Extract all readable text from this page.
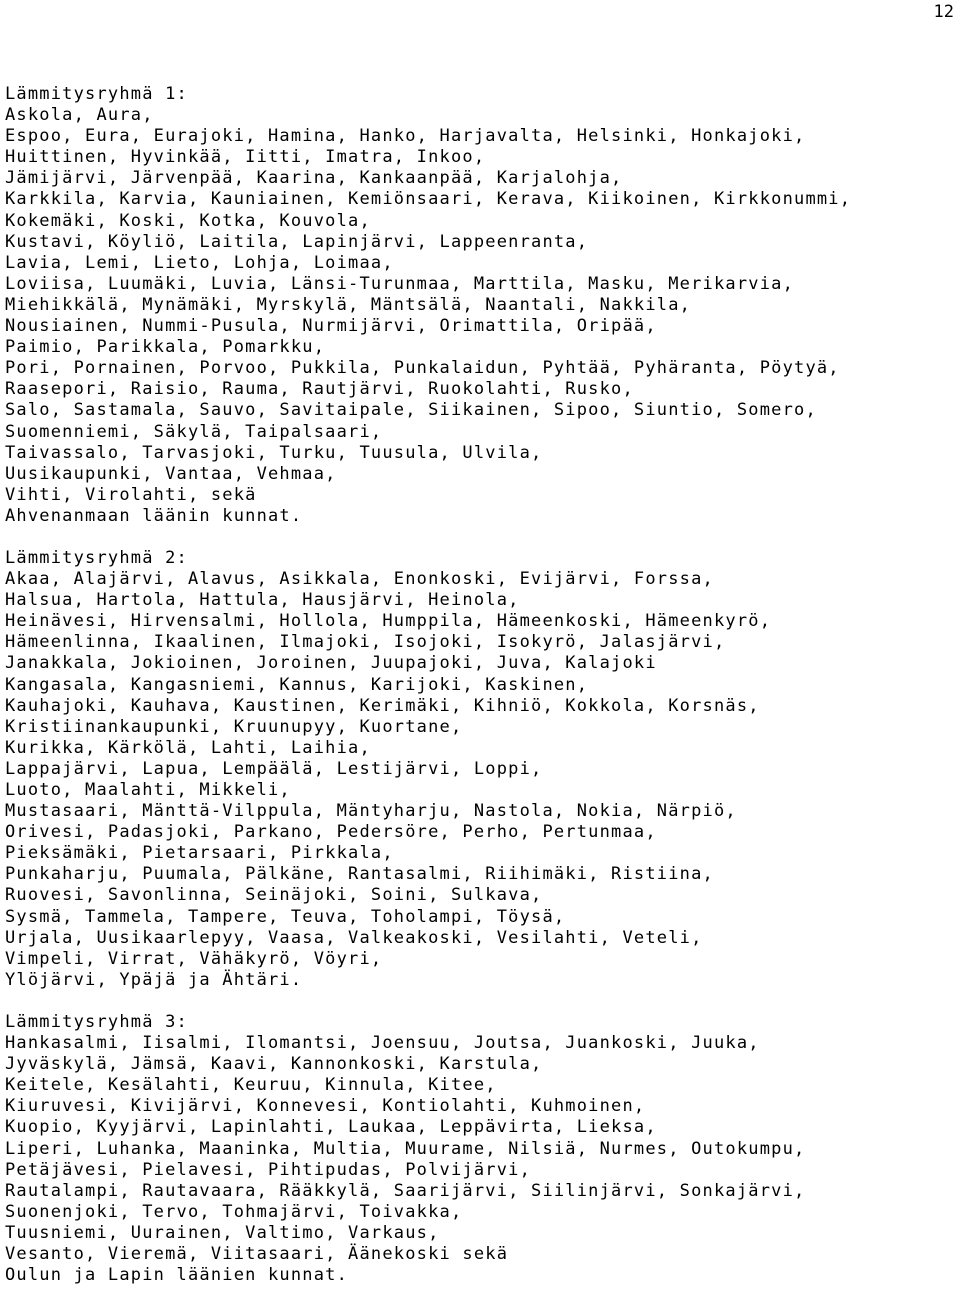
12
Lämmitysryhmä 1:
Askola, Aura,
Espoo, Eura, Eurajoki, Hamina, Hanko, Harjavalta, Helsinki, Honkajoki,
Huittinen, Hyvinkää, Iitti, Imatra, Inkoo,
Jämijärvi, Järvenpää, Kaarina, Kankaanpää, Karjalohja,
Karkkila, Karvia, Kauniainen, Kemiönsaari, Kerava, Kiikoinen, Kirkkonummi,
Kokemäki, Koski, Kotka, Kouvola,
Kustavi, Köyliö, Laitila, Lapinjärvi, Lappeenranta,
Lavia, Lemi, Lieto, Lohja, Loimaa,
Loviisa, Luumäki, Luvia, Länsi-Turunmaa, Marttila, Masku, Merikarvia,
Miehikkälä, Mynämäki, Myrskylä, Mäntsälä, Naantali, Nakkila,
Nousiainen, Nummi-Pusula, Nurmijärvi, Orimattila, Oripää,
Paimio, Parikkala, Pomarkku,
Pori, Pornainen, Porvoo, Pukkila, Punkalaidun, Pyhtää, Pyhäranta, Pöytyä,
Raasepori, Raisio, Rauma, Rautjärvi, Ruokolahti, Rusko,
Salo, Sastamala, Sauvo, Savitaipale, Siikainen, Sipoo, Siuntio, Somero,
Suomenniemi, Säkylä, Taipalsaari,
Taivassalo, Tarvasjoki, Turku, Tuusula, Ulvila,
Uusikaupunki, Vantaa, Vehmaa,
Vihti, Virolahti, sekä
Ahvenanmaan läänin kunnat.
Lämmitysryhmä 2:
Akaa, Alajärvi, Alavus, Asikkala, Enonkoski, Evijärvi, Forssa,
Halsua, Hartola, Hattula, Hausjärvi, Heinola,
Heinävesi, Hirvensalmi, Hollola, Humppila, Hämeenkoski, Hämeenkyrö,
Hämeenlinna, Ikaalinen, Ilmajoki, Isojoki, Isokyrö, Jalasjärvi,
Janakkala, Jokioinen, Joroinen, Juupajoki, Juva, Kalajoki
Kangasala, Kangasniemi, Kannus, Karijoki, Kaskinen,
Kauhajoki, Kauhava, Kaustinen, Kerimäki, Kihniö, Kokkola, Korsnäs,
Kristiinankaupunki, Kruunupyy, Kuortane,
Kurikka, Kärkölä, Lahti, Laihia,
Lappajärvi, Lapua, Lempäälä, Lestijärvi, Loppi,
Luoto, Maalahti, Mikkeli,
Mustasaari, Mänttä-Vilppula, Mäntyharju, Nastola, Nokia, Närpiö,
Orivesi, Padasjoki, Parkano, Pedersöre, Perho, Pertunmaa,
Pieksämäki, Pietarsaari, Pirkkala,
Punkaharju, Puumala, Pälkäne, Rantasalmi, Riihimäki, Ristiina,
Ruovesi, Savonlinna, Seinäjoki, Soini, Sulkava,
Sysmä, Tammela, Tampere, Teuva, Toholampi, Töysä,
Urjala, Uusikaarlepyy, Vaasa, Valkeakoski, Vesilahti, Veteli,
Vimpeli, Virrat, Vähäkyrö, Vöyri,
Ylöjärvi, Ypäjä ja Ähtäri.
Lämmitysryhmä 3:
Hankasalmi, Iisalmi, Ilomantsi, Joensuu, Joutsa, Juankoski, Juuka,
Jyväskylä, Jämsä, Kaavi, Kannonkoski, Karstula,
Keitele, Kesälahti, Keuruu, Kinnula, Kitee,
Kiuruvesi, Kivijärvi, Konnevesi, Kontiolahti, Kuhmoinen,
Kuopio, Kyyjärvi, Lapinlahti, Laukaa, Leppävirta, Lieksa,
Liperi, Luhanka, Maaninka, Multia, Muurame, Nilsiä, Nurmes, Outokumpu,
Petäjävesi, Pielavesi, Pihtipudas, Polvijärvi,
Rautalampi, Rautavaara, Rääkkylä, Saarijärvi, Siilinjärvi, Sonkajärvi,
Suonenjoki, Tervo, Tohmajärvi, Toivakka,
Tuusniemi, Uurainen, Valtimo, Varkaus,
Vesanto, Vieremä, Viitasaari, Äänekoski sekä
Oulun ja Lapin läänien kunnat.
